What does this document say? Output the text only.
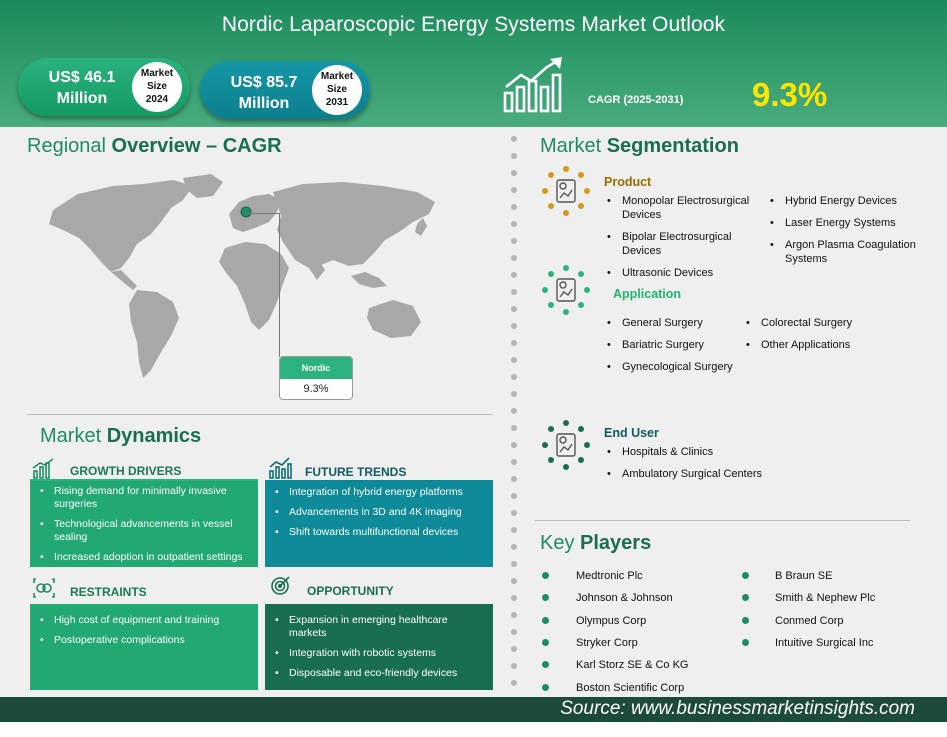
Nordic Laparoscopic Energy Systems Market Outlook
US$ 46.1
Million
Market
Size
2024
US$ 85.7
Million
Market
Size
2031	CAGR (2025-2031) 9.3%
Regional Overview – CAGR
Nordic
9.3%
Market Dynamics
GROWTH DRIVERS
• Rising demand for minimally invasive surgeries
• Technological advancements in vessel sealing
• Increased adoption in outpatient settings
FUTURE TRENDS
• Integration of hybrid energy platforms
• Advancements in 3D and 4K imaging
• Shift towards multifunctional devices
RESTRAINTS
• High cost of equipment and training
• Postoperative complications
OPPORTUNITY
• Expansion in emerging healthcare markets
• Integration with robotic systems
• Disposable and eco-friendly devices
Market Segmentation
Product
• Monopolar Electrosurgical Devices
• Bipolar Electrosurgical Devices
• Ultrasonic Devices
• Hybrid Energy Devices
• Laser Energy Systems
• Argon Plasma Coagulation Systems
Application
• General Surgery
• Bariatric Surgery
• Gynecological Surgery
• Colorectal Surgery
• Other Applications
End User
• Hospitals & Clinics
• Ambulatory Surgical Centers
Key Players
Medtronic Plc
Johnson & Johnson
Olympus Corp
Stryker Corp
Karl Storz SE & Co KG
Boston Scientific Corp
B Braun SE
Smith & Nephew Plc
Conmed Corp
Intuitive Surgical Inc
Source: www.businessmarketinsights.com
